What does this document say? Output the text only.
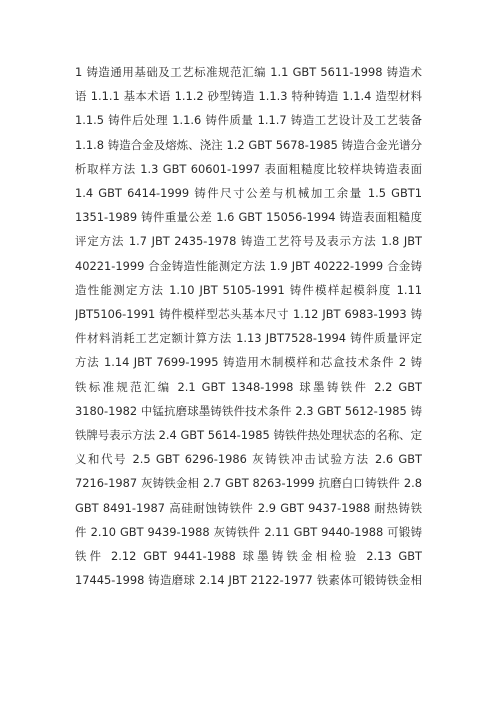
1 铸造通用基础及工艺标准规范汇编 1.1 GBT 5611-1998 铸造术
语 1.1.1 基本术语 1.1.2 砂型铸造 1.1.3 特种铸造 1.1.4 造型材料
1.1.5 铸件后处理 1.1.6 铸件质量 1.1.7 铸造工艺设计及工艺装备
1.1.8 铸造合金及熔炼、浇注 1.2 GBT 5678-1985 铸造合金光谱分
析取样方法 1.3 GBT 60601-1997 表面粗糙度比较样块铸造表面
1.4 GBT 6414-1999 铸件尺寸公差与机械加工余量 1.5 GBT1
1351-1989 铸件重量公差 1.6 GBT 15056-1994 铸造表面粗糙度
评定方法 1.7 JBT 2435-1978 铸造工艺符号及表示方法 1.8 JBT
40221-1999 合金铸造性能测定方法 1.9 JBT 40222-1999 合金铸
造性能测定方法 1.10 JBT 5105-1991 铸件模样起模斜度 1.11
JBT5106-1991 铸件模样型芯头基本尺寸 1.12 JBT 6983-1993 铸
件材料消耗工艺定额计算方法 1.13 JBT7528-1994 铸件质量评定
方法 1.14 JBT 7699-1995 铸造用木制模样和芯盒技术条件 2 铸
铁标准规范汇编 2.1 GBT 1348-1998 球墨铸铁件 2.2 GBT
3180-1982 中锰抗磨球墨铸铁件技术条件 2.3 GBT 5612-1985 铸
铁牌号表示方法 2.4 GBT 5614-1985 铸铁件热处理状态的名称、定
义和代号 2.5 GBT 6296-1986 灰铸铁冲击试验方法 2.6 GBT
7216-1987 灰铸铁金相 2.7 GBT 8263-1999 抗磨白口铸铁件 2.8
GBT 8491-1987 高硅耐蚀铸铁件 2.9 GBT 9437-1988 耐热铸铁
件 2.10 GBT 9439-1988 灰铸铁件 2.11 GBT 9440-1988 可锻铸
铁件 2.12 GBT 9441-1988 球墨铸铁金相检验 2.13 GBT
17445-1998 铸造磨球 2.14 JBT 2122-1977 铁素体可锻铸铁金相
